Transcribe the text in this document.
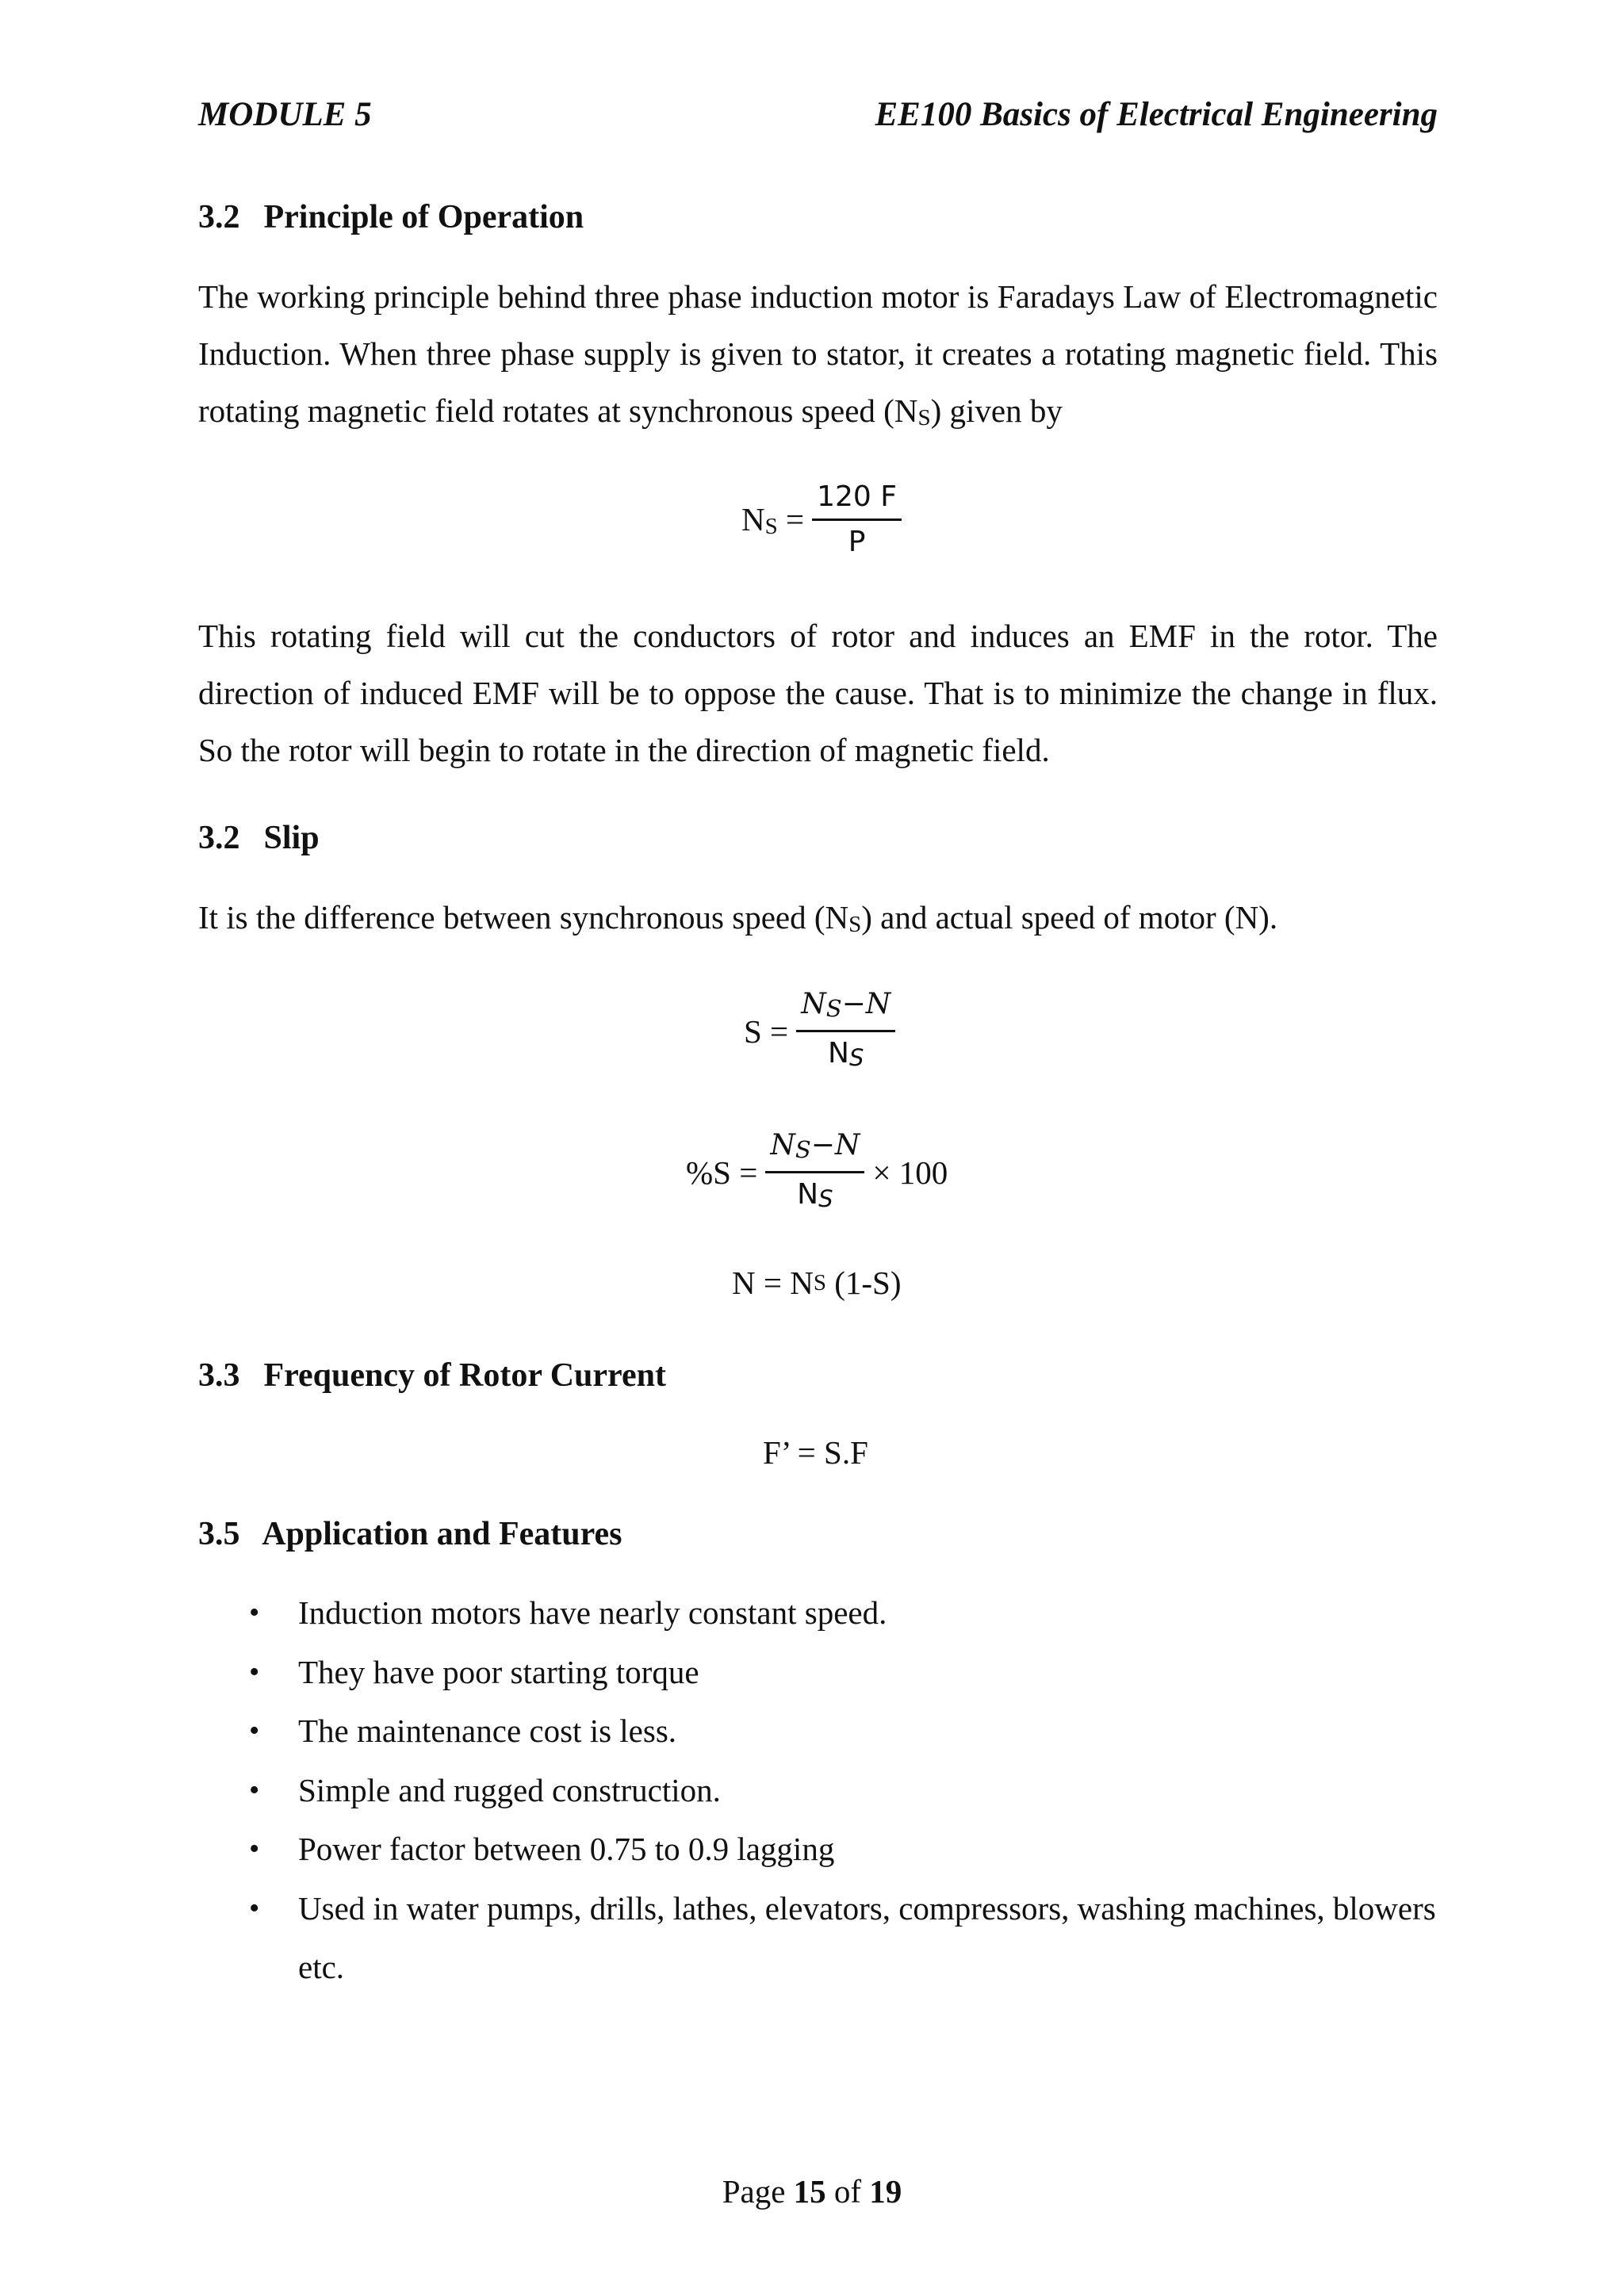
MODULE 5	EE100 Basics of Electrical Engineering
3.2 Principle of Operation

The working principle behind three phase induction motor is Faradays Law of Electromagnetic
Induction. When three phase supply is given to stator, it creates a rotating magnetic field. This
rotating magnetic field rotates at synchronous speed $(N_S)$ given by

$N_S = \frac{120 F}{P}$

This rotating field will cut the conductors of rotor and induces an EMF in the rotor. The
direction of induced EMF will be to oppose the cause. That is to minimize the change in flux.
So the rotor will begin to rotate in the direction of magnetic field.

3.2 Slip

It is the difference between synchronous speed $(N_S)$ and actual speed of motor (N).

$S = \frac{N_S-N}{N_S}$
$\%S = \frac{N_S-N}{N_S} \times 100$
N = N S (1-S)
3.3 Frequency of Rotor Current
F’ = S.F
3.5 Application and Features
• Induction motors have nearly constant speed.
• They have poor starting torque
• The maintenance cost is less.
• Simple and rugged construction.
• Power factor between 0.75 to 0.9 lagging
• Used in water pumps, drills, lathes, elevators, compressors, washing machines, blowers
etc.
Page 15 of 19
